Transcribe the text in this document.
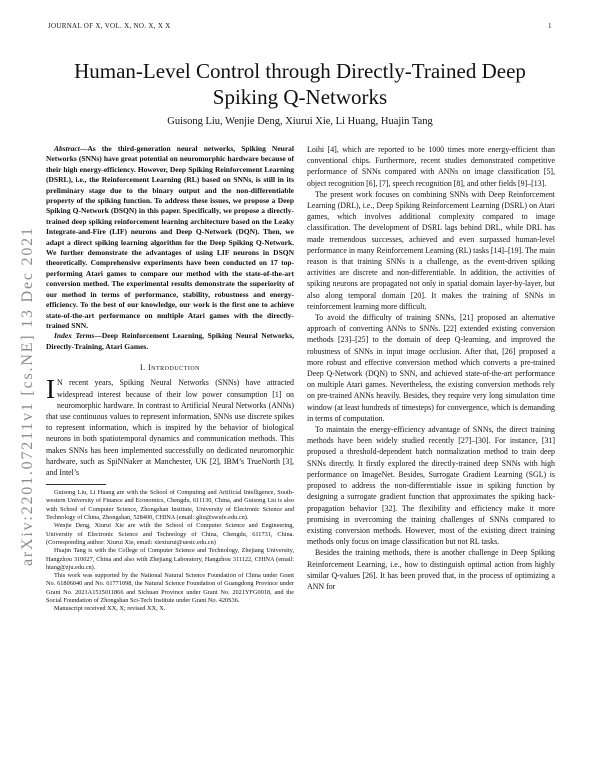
JOURNAL OF X, VOL. X, NO. X, X X	1
arXiv:2201.07211v1 [cs.NE] 13 Dec 2021
Human-Level Control through Directly-Trained Deep Spiking Q-Networks
Guisong Liu, Wenjie Deng, Xiurui Xie, Li Huang, Huajin Tang

Abstract—As the third-generation neural networks, Spiking Neural Networks (SNNs) have great potential on neuromorphic hardware because of their high energy-efficiency. However, Deep Spiking Reinforcement Learning (DSRL), i.e., the Reinforcement Learning (RL) based on SNNs, is still in its preliminary stage due to the binary output and the non-differentiable property of the spiking function. To address these issues, we propose a Deep Spiking Q-Network (DSQN) in this paper. Specifically, we propose a directly-trained deep spiking reinforcement learning architecture based on the Leaky Integrate-and-Fire (LIF) neurons and Deep Q-Network (DQN). Then, we adapt a direct spiking learning algorithm for the Deep Spiking Q-Network. We further demonstrate the advantages of using LIF neurons in DSQN theoretically. Comprehensive experiments have been conducted on 17 top-performing Atari games to compare our method with the state-of-the-art conversion method. The experimental results demonstrate the superiority of our method in terms of performance, stability, robustness and energy-efficiency. To the best of our knowledge, our work is the first one to achieve state-of-the-art performance on multiple Atari games with the directly-trained SNN.

Index Terms—Deep Reinforcement Learning, Spiking Neural Networks, Directly-Training, Atari Games.

I. Introduction

I N recent years, Spiking Neural Networks (SNNs) have attracted widespread interest because of their low power consumption [1] on neuromorphic hardware. In contrast to Artificial Neural Networks (ANNs) that use continuous values to represent information, SNNs use discrete spikes to represent information, which is inspired by the behavior of biological neurons in both spatiotemporal dynamics and communication methods. This makes SNNs has been implemented successfully on dedicated neuromorphic hardware, such as SpiNNaker at Manchester, UK [2], IBM’s TrueNorth [3], and Intel’s

Guisong Liu, Li Huang are with the School of Computing and Artificial Intelligence, South-western University of Finance and Economics, Chengdu, 611130, China, and Guisong Liu is also with School of Computer Science, Zhongshan Institute, University of Electronic Science and Technology of China, Zhongshan, 528400, CHINA (email: gliu@swufe.edu.cn).

Wenjie Deng, Xiurui Xie are with the School of Computer Science and Engineering, University of Electronic Science and Technology of China, Chengdu, 611731, China. (Corresponding author: Xiurui Xie, email: xiexiurui@uestc.edu.cn)

Huajin Tang is with the College of Computer Science and Technology, Zhejiang University, Hangzhou 310027, China and also with Zhejiang Laboratory, Hangzhou 311122, CHINA (email: htang@zju.edu.cn).

This work was supported by the National Natural Science Foundation of China under Grant No. 61806040 and No. 61771098, the Natural Science Foundation of Guangdong Province under Grant No. 2021A1515011866 and Sichuan Province under Grant No. 2021YFG0018, and the Social Foundation of Zhongshan Sci-Tech Institute under Grant No. 420S36.

Manuscript received XX, X; revised XX, X.

Loihi [4], which are reported to be 1000 times more energy-efficient than conventional chips. Furthermore, recent studies demonstrated competitive performance of SNNs compared with ANNs on image classification [5], object recognition [6], [7], speech recognition [8], and other fields [9]–[13].

The present work focuses on combining SNNs with Deep Reinforcement Learning (DRL), i.e., Deep Spiking Reinforcement Learning (DSRL) on Atari games, which involves additional complexity compared to image classification. The development of DSRL lags behind DRL, while DRL has made tremendous successes, achieved and even surpassed human-level performance in many Reinforcement Learning (RL) tasks [14]–[19]. The main reason is that training SNNs is a challenge, as the event-driven spiking activities are discrete and non-differentiable. In addition, the activities of spiking neurons are propagated not only in spatial domain layer-by-layer, but also along temporal domain [20]. It makes the training of SNNs in reinforcement learning more difficult.

To avoid the difficulty of training SNNs, [21] proposed an alternative approach of converting ANNs to SNNs. [22] extended existing conversion methods [23]–[25] to the domain of deep Q-learning, and improved the robustness of SNNs in input image occlusion. After that, [26] proposed a more robust and effective conversion method which converts a pre-trained Deep Q-Network (DQN) to SNN, and achieved state-of-the-art performance on multiple Atari games. Nevertheless, the existing conversion methods rely on pre-trained ANNs heavily. Besides, they require very long simulation time window (at least hundreds of timesteps) for convergence, which is demanding in terms of computation.

To maintain the energy-efficiency advantage of SNNs, the direct training methods have been widely studied recently [27]–[30]. For instance, [31] proposed a threshold-dependent batch normalization method to train deep SNNs directly. It firstly explored the directly-trained deep SNNs with high performance on ImageNet. Besides, Surrogate Gradient Learning (SGL) is proposed to address the non-differentiable issue in spiking function by designing a surrogate gradient function that approximates the spiking back-propagation behavior [32]. The flexibility and efficiency make it more promising in overcoming the training challenges of SNNs compared to existing conversion methods. However, most of the existing direct training methods only focus on image classification but not RL tasks.

Besides the training methods, there is another challenge in Deep Spiking Reinforcement Learning, i.e., how to distinguish optimal action from highly similar Q-values [26]. It has been proved that, in the process of optimizing a ANN for
